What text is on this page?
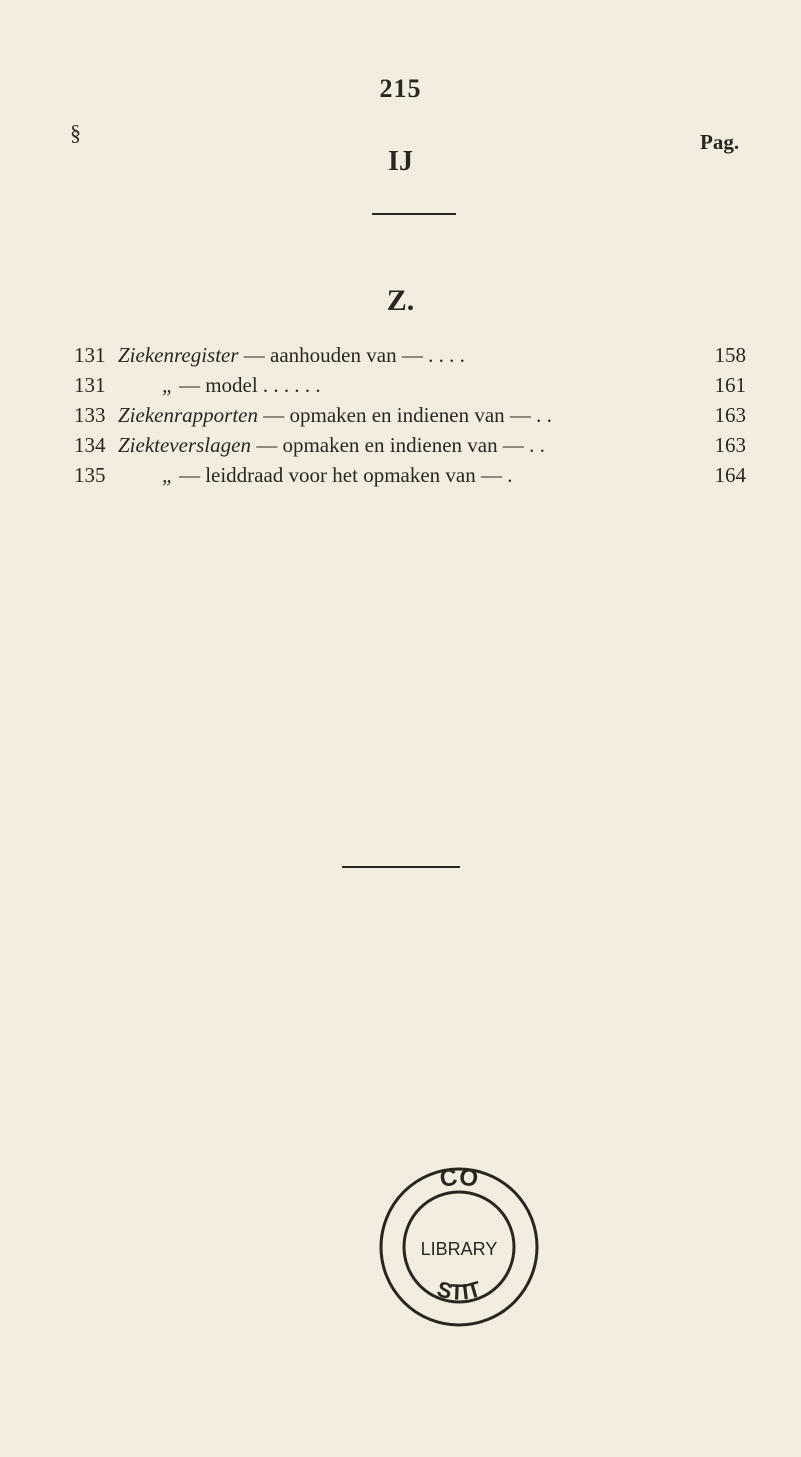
215
§	Pag.
IJ
Z.
131 Ziekenregister — aanhouden van — . . . .	158
131	„ — model . . . . . .	161
133 Ziekenrapporten — opmaken en indienen van — . .	163
134 Ziekteverslagen — opmaken en indienen van — . .	163
135	„ — leiddraad voor het opmaken van — .	164
CO
LIBRARY
STIT
